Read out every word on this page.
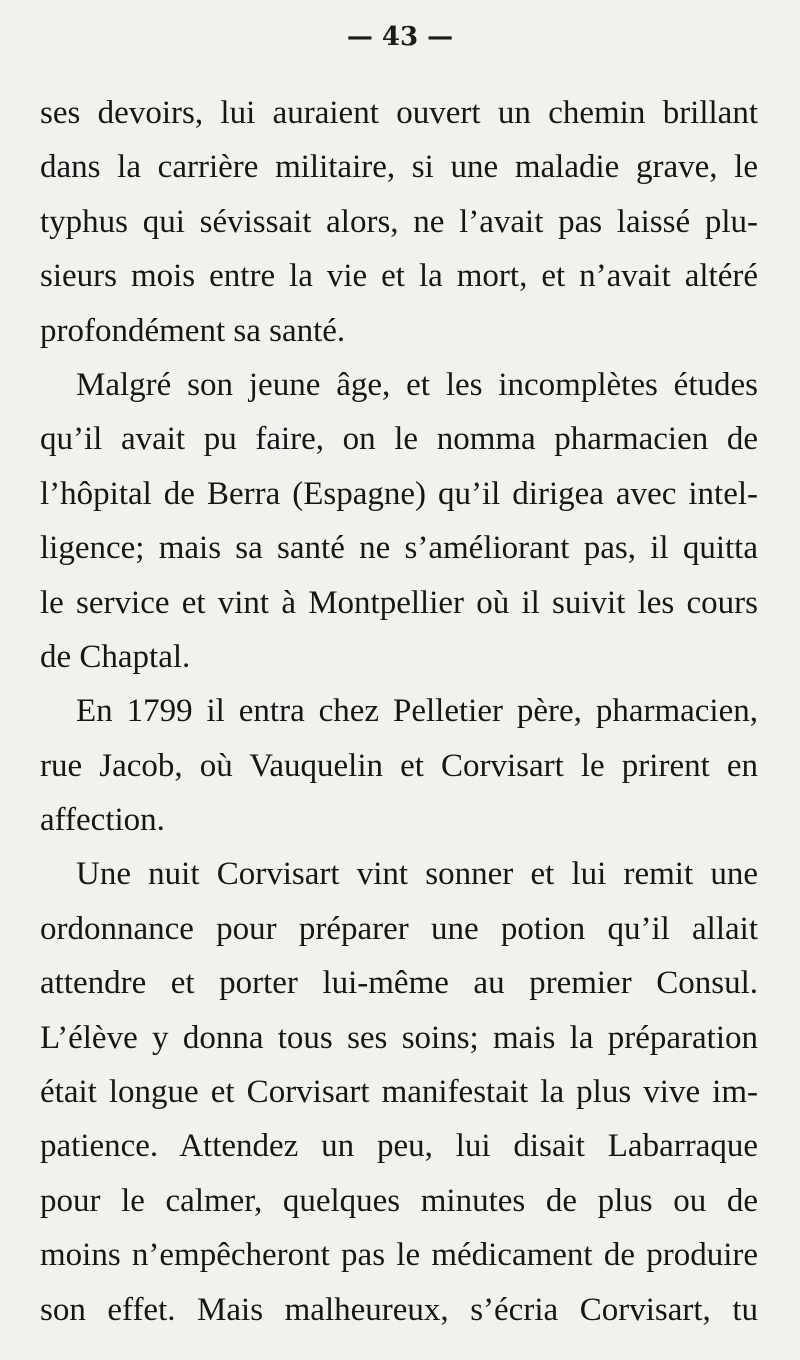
— 43 —
ses devoirs, lui auraient ouvert un chemin brillant
dans la carrière militaire, si une maladie grave, le
typhus qui sévissait alors, ne l’avait pas laissé plu-
sieurs mois entre la vie et la mort, et n’avait altéré
profondément sa santé.
Malgré son jeune âge, et les incomplètes études
qu’il avait pu faire, on le nomma pharmacien de
l’hôpital de Berra (Espagne) qu’il dirigea avec intel-
ligence; mais sa santé ne s’améliorant pas, il quitta
le service et vint à Montpellier où il suivit les cours
de Chaptal.
En 1799 il entra chez Pelletier père, pharmacien,
rue Jacob, où Vauquelin et Corvisart le prirent en
affection.
Une nuit Corvisart vint sonner et lui remit une
ordonnance pour préparer une potion qu’il allait
attendre et porter lui-même au premier Consul.
L’élève y donna tous ses soins; mais la préparation
était longue et Corvisart manifestait la plus vive im-
patience. Attendez un peu, lui disait Labarraque
pour le calmer, quelques minutes de plus ou de
moins n’empêcheront pas le médicament de produire
son effet. Mais malheureux, s’écria Corvisart, tu
